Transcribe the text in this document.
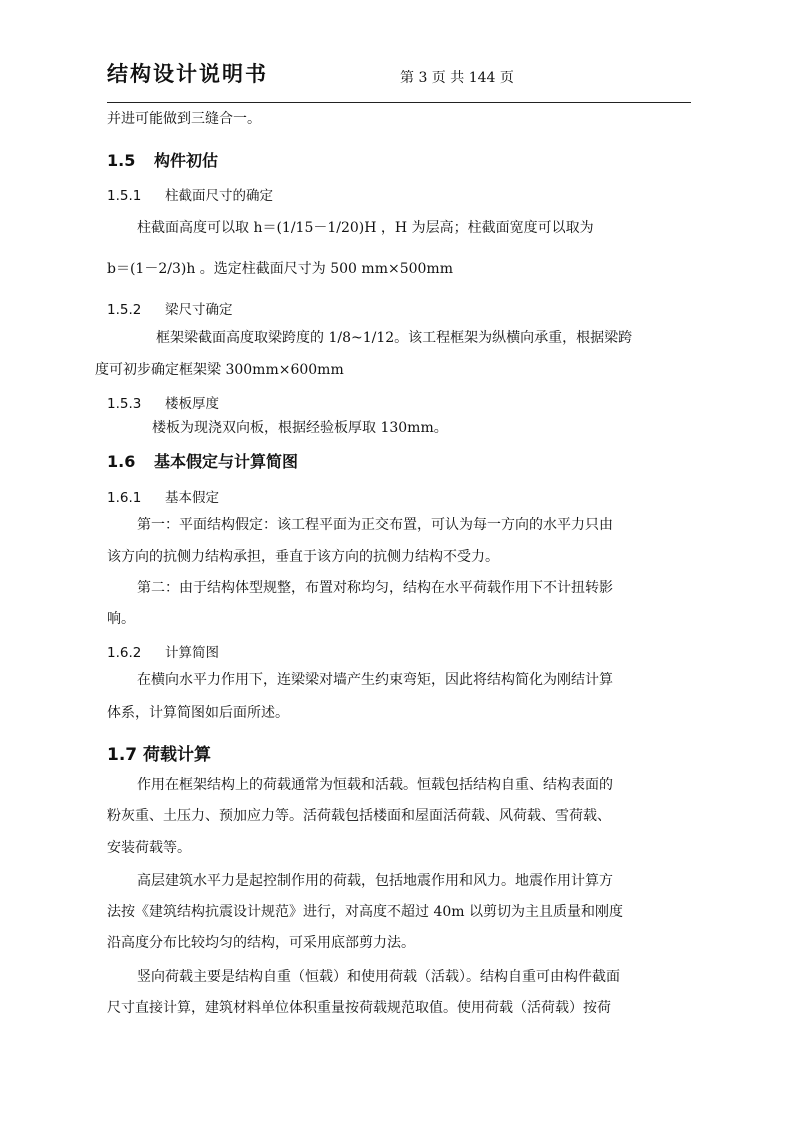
结构设计说明书	第 3 页 共 144 页
并进可能做到三缝合一。
1.5 构件初估
1.5.1 柱截面尺寸的确定
柱截面高度可以取 h＝(1/15－1/20)H ，H 为层高；柱截面宽度可以取为
b＝(1－2/3)h 。选定柱截面尺寸为 500 mm×500mm
1.5.2 梁尺寸确定
框架梁截面高度取梁跨度的 1/8~1/12。该工程框架为纵横向承重，根据梁跨
度可初步确定框架梁 300mm×600mm
1.5.3 楼板厚度
楼板为现浇双向板，根据经验板厚取 130mm。
1.6 基本假定与计算简图
1.6.1 基本假定
第一：平面结构假定：该工程平面为正交布置，可认为每一方向的水平力只由
该方向的抗侧力结构承担，垂直于该方向的抗侧力结构不受力。
第二：由于结构体型规整，布置对称均匀，结构在水平荷载作用下不计扭转影
响。
1.6.2 计算简图
在横向水平力作用下，连梁梁对墙产生约束弯矩，因此将结构简化为刚结计算
体系，计算简图如后面所述。
1.7 荷载计算
作用在框架结构上的荷载通常为恒载和活载。恒载包括结构自重、结构表面的
粉灰重、土压力、预加应力等。活荷载包括楼面和屋面活荷载、风荷载、雪荷载、
安装荷载等。
高层建筑水平力是起控制作用的荷载，包括地震作用和风力。地震作用计算方
法按《建筑结构抗震设计规范》进行，对高度不超过 40m 以剪切为主且质量和刚度
沿高度分布比较均匀的结构，可采用底部剪力法。
竖向荷载主要是结构自重（恒载）和使用荷载（活载）。结构自重可由构件截面
尺寸直接计算，建筑材料单位体积重量按荷载规范取值。使用荷载（活荷载）按荷
